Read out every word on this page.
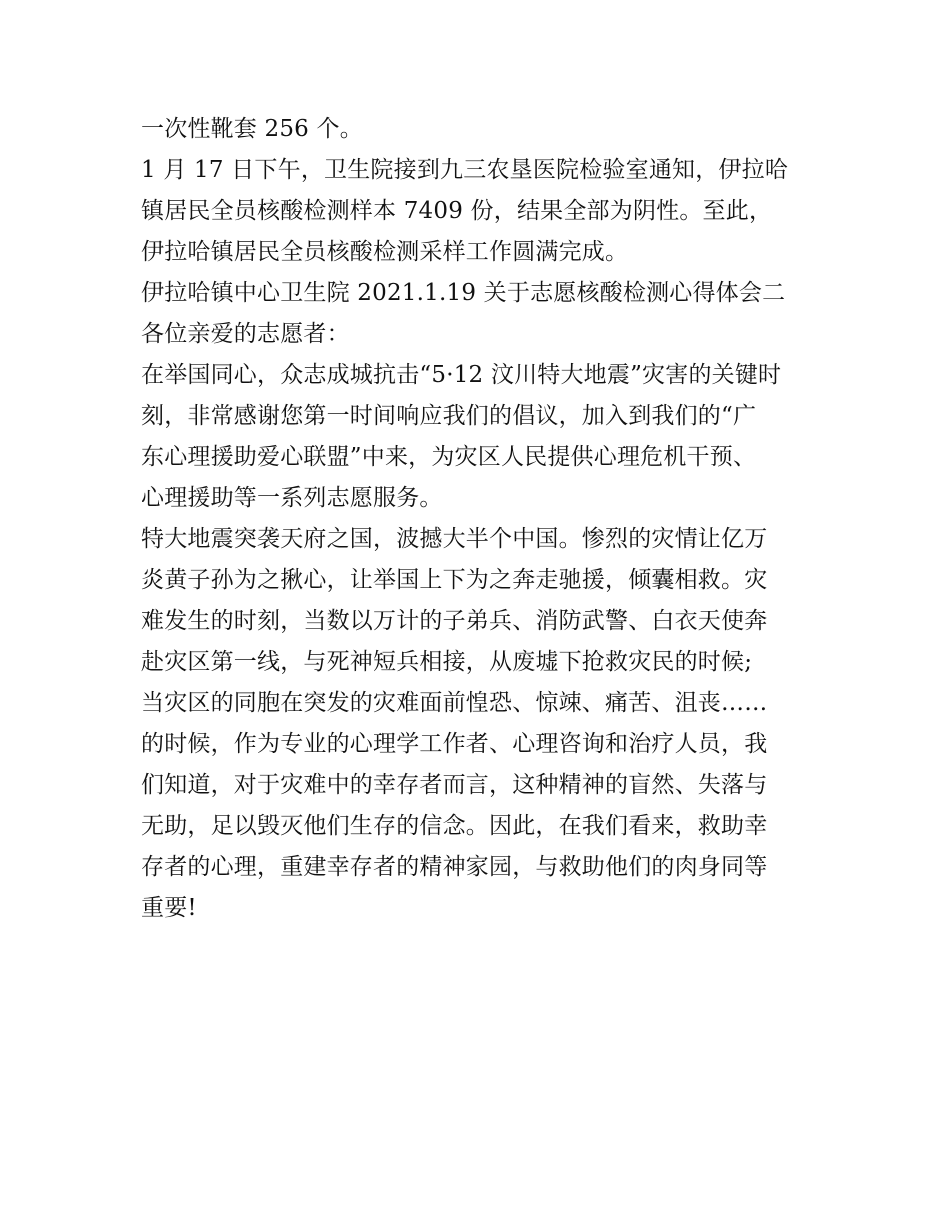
一次性靴套 256 个。
1 月 17 日下午，卫生院接到九三农垦医院检验室通知，伊拉哈
镇居民全员核酸检测样本 7409 份，结果全部为阴性。至此，
伊拉哈镇居民全员核酸检测采样工作圆满完成。
伊拉哈镇中心卫生院 2021.1.19 关于志愿核酸检测心得体会二
各位亲爱的志愿者：
在举国同心，众志成城抗击“5·12 汶川特大地震”灾害的关键时
刻，非常感谢您第一时间响应我们的倡议，加入到我们的“广
东心理援助爱心联盟”中来，为灾区人民提供心理危机干预、
心理援助等一系列志愿服务。
特大地震突袭天府之国，波撼大半个中国。惨烈的灾情让亿万
炎黄子孙为之揪心，让举国上下为之奔走驰援，倾囊相救。灾
难发生的时刻，当数以万计的子弟兵、消防武警、白衣天使奔
赴灾区第一线，与死神短兵相接，从废墟下抢救灾民的时候;
当灾区的同胞在突发的灾难面前惶恐、惊竦、痛苦、沮丧……
的时候，作为专业的心理学工作者、心理咨询和治疗人员，我
们知道，对于灾难中的幸存者而言，这种精神的盲然、失落与
无助，足以毁灭他们生存的信念。因此，在我们看来，救助幸
存者的心理，重建幸存者的精神家园，与救助他们的肉身同等
重要!
